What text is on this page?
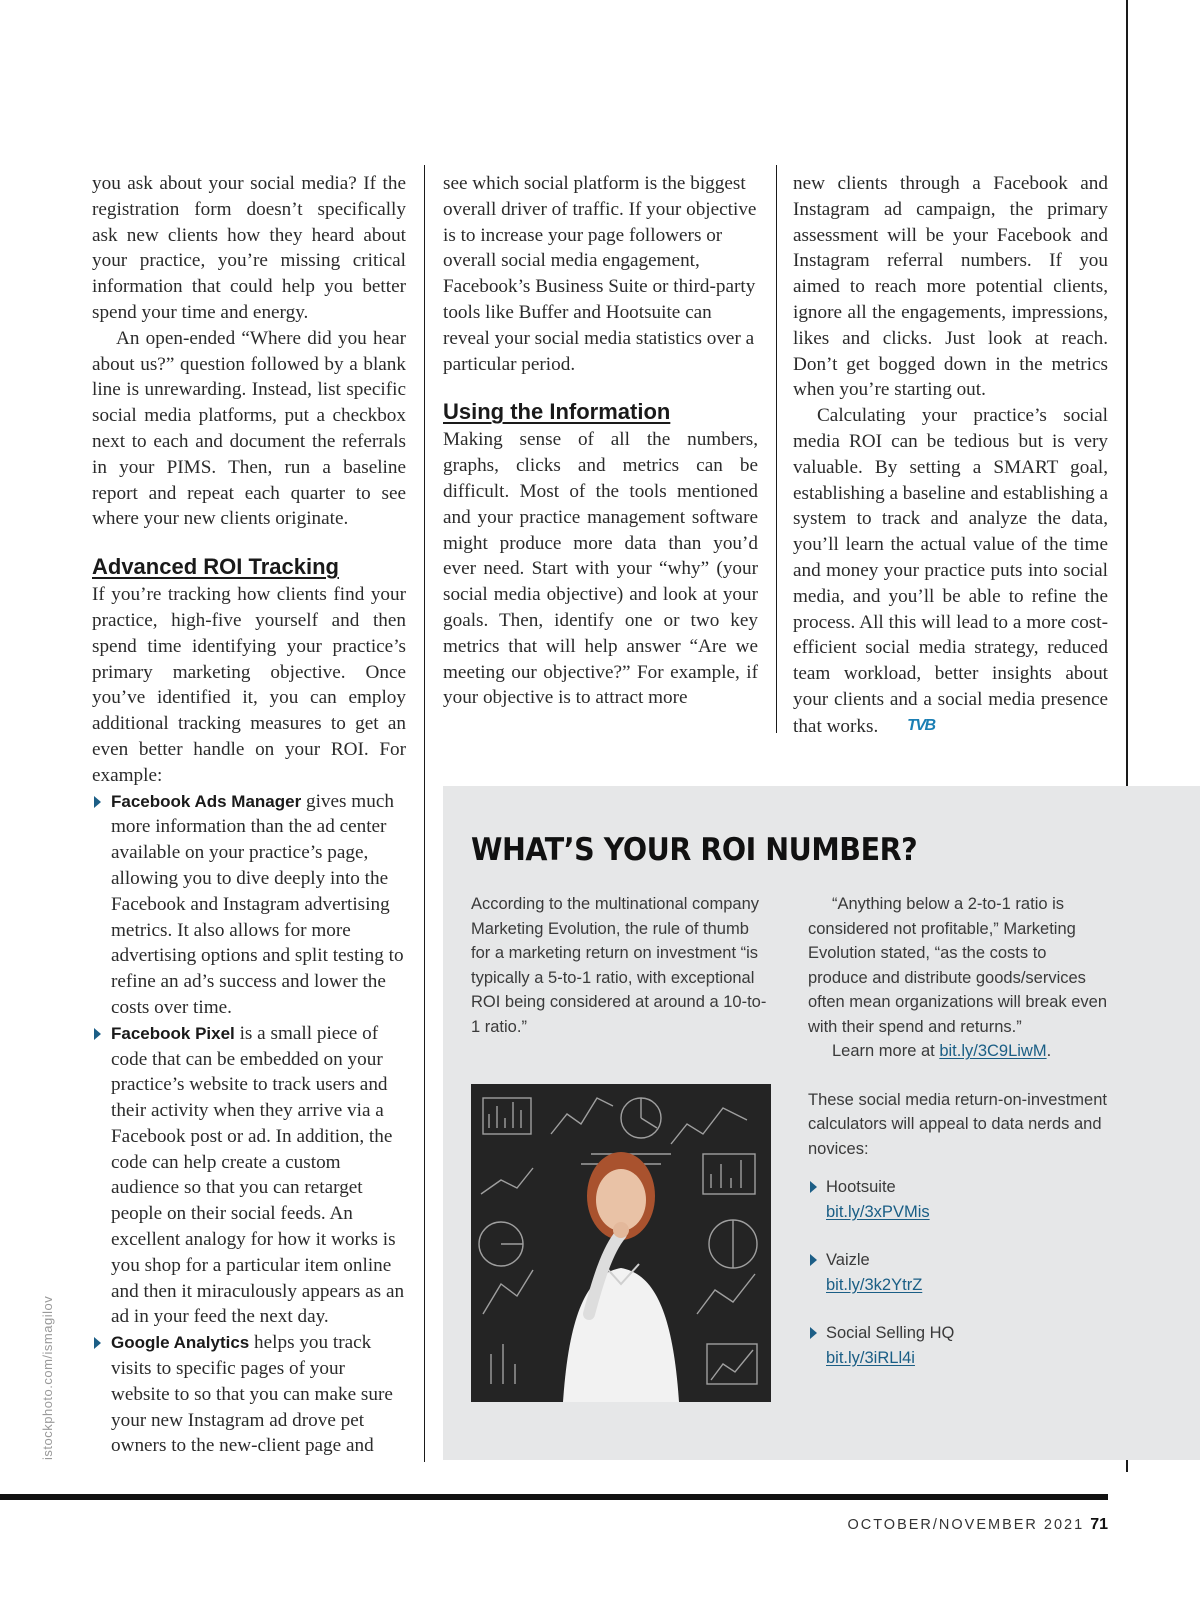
you ask about your social media? If the registration form doesn’t specifically ask new clients how they heard about your practice, you’re missing critical information that could help you better spend your time and energy.

An open-ended “Where did you hear about us?” question followed by a blank line is unrewarding. Instead, list specific social media platforms, put a checkbox next to each and document the referrals in your PIMS. Then, run a baseline report and repeat each quarter to see where your new clients originate.

Advanced ROI Tracking

If you’re tracking how clients find your practice, high-five yourself and then spend time identifying your practice’s primary marketing objective. Once you’ve identified it, you can employ additional tracking measures to get an even better handle on your ROI. For example:

Facebook Ads Manager gives much more information than the ad center available on your practice’s page, allowing you to dive deeply into the Facebook and Instagram advertising metrics. It also allows for more advertising options and split testing to refine an ad’s success and lower the costs over time.
Facebook Pixel is a small piece of code that can be embedded on your practice’s website to track users and their activity when they arrive via a Facebook post or ad. In addition, the code can help create a custom audience so that you can retarget people on their social feeds. An excellent analogy for how it works is you shop for a particular item online and then it miraculously appears as an ad in your feed the next day.
Google Analytics helps you track visits to specific pages of your website to so that you can make sure your new Instagram ad drove pet owners to the new-client page and

see which social platform is the biggest overall driver of traffic. If your objective is to increase your page followers or overall social media engagement, Facebook’s Business Suite or third-party tools like Buffer and Hootsuite can reveal your social media statistics over a particular period.

Using the Information

Making sense of all the numbers, graphs, clicks and metrics can be difficult. Most of the tools mentioned and your practice management software might produce more data than you’d ever need. Start with your “why” (your social media objective) and look at your goals. Then, identify one or two key metrics that will help answer “Are we meeting our objective?” For example, if your objective is to attract more

new clients through a Facebook and Instagram ad campaign, the primary assessment will be your Facebook and Instagram referral numbers. If you aimed to reach more potential clients, ignore all the engagements, impressions, likes and clicks. Just look at reach. Don’t get bogged down in the metrics when you’re starting out.

Calculating your practice’s social media ROI can be tedious but is very valuable. By setting a SMART goal, establishing a baseline and establishing a system to track and analyze the data, you’ll learn the actual value of the time and money your practice puts into social media, and you’ll be able to refine the process. All this will lead to a more cost-efficient social media strategy, reduced team workload, better insights about your clients and a social media presence that works. TVB

WHAT’S YOUR ROI NUMBER?

According to the multinational company Marketing Evolution, the rule of thumb for a marketing return on investment “is typically a 5-to-1 ratio, with exceptional ROI being considered at around a 10-to-1 ratio.”

“Anything below a 2-to-1 ratio is considered not profitable,” Marketing Evolution stated, “as the costs to produce and distribute goods/services often mean organizations will break even with their spend and returns.”

Learn more at bit.ly/3C9LiwM.

These social media return-on-investment calculators will appeal to data nerds and novices:

Hootsuite
bit.ly/3xPVMis
Vaizle
bit.ly/3k2YtrZ
Social Selling HQ
bit.ly/3iRLl4i
istockphoto.com/ismagilov
OCTOBER/NOVEMBER 2021 71
